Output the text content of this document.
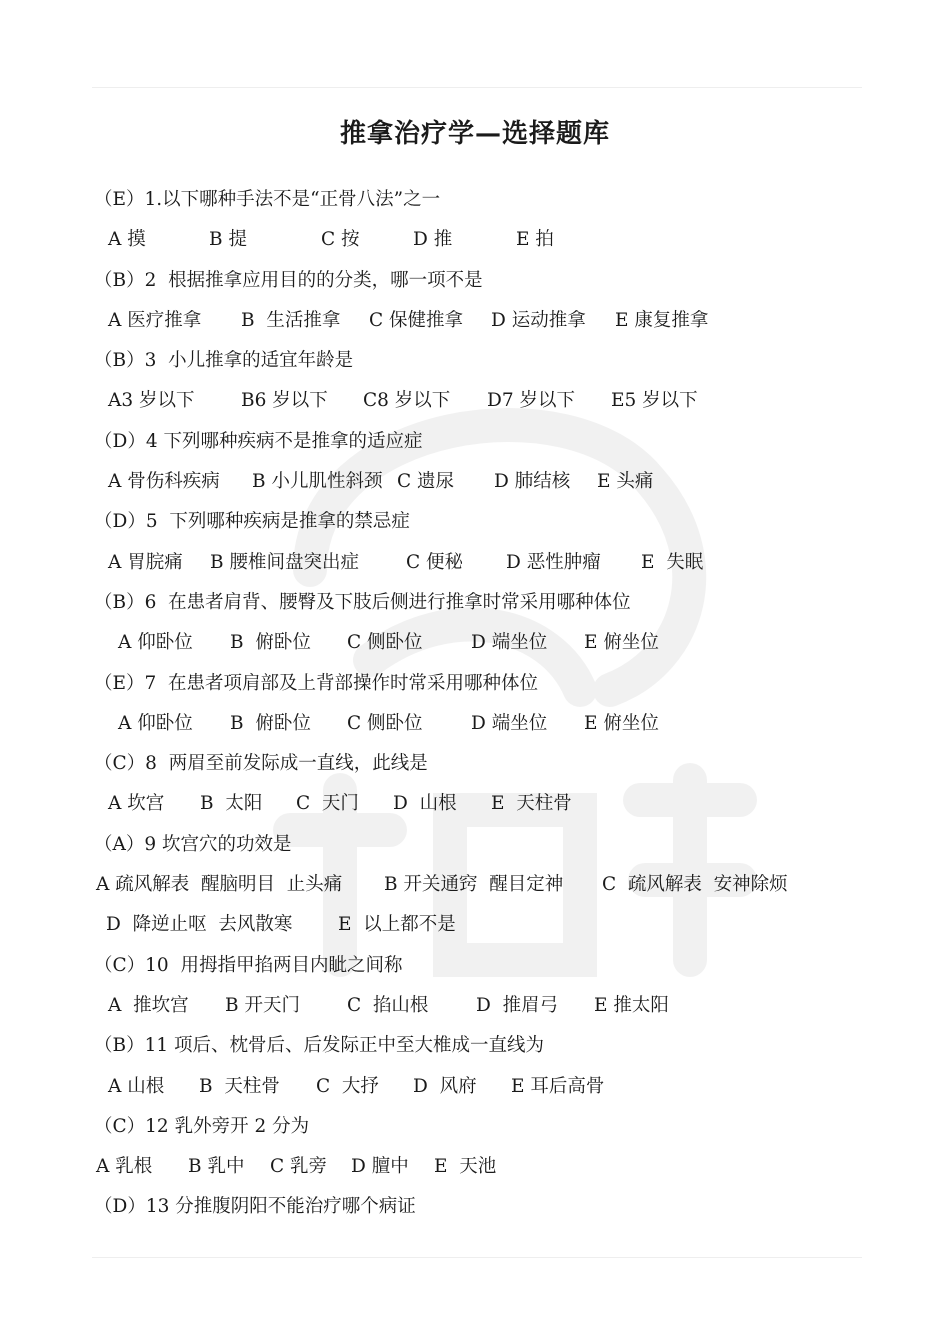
推拿治疗学—选择题库
（E） 1.以下哪种手法不是“正骨八法”之一
A 摸	B 提	C 按	D 推	E 拍
（B） 2  根据推拿应用目的的分类，哪一项不是
A 医疗推拿	B  生活推拿	C 保健推拿	D 运动推拿	E 康复推拿
（B） 3  小儿推拿的适宜年龄是
A3 岁以下	B6 岁以下	C8 岁以下	D7 岁以下	E5 岁以下
（D） 4 下列哪种疾病不是推拿的适应症
A 骨伤科疾病	B 小儿肌性斜颈 C 遗尿	D 肺结核	E 头痛
（D） 5  下列哪种疾病是推拿的禁忌症
A 胃脘痛	B 腰椎间盘突出症	C 便秘	D 恶性肿瘤	E  失眠
（B） 6  在患者肩背、腰臀及下肢后侧进行推拿时常采用哪种体位
A 仰卧位	B  俯卧位	C 侧卧位	D 端坐位	E 俯坐位
（E） 7  在患者项肩部及上背部操作时常采用哪种体位
A 仰卧位	B  俯卧位	C 侧卧位	D 端坐位	E 俯坐位
（C） 8  两眉至前发际成一直线，此线是
A 坎宫	B  太阳	C  天门	D  山根	E  天柱骨
（A） 9 坎宫穴的功效是
A 疏风解表  醒脑明目  止头痛	B 开关通窍  醒目定神	C  疏风解表  安神除烦
D  降逆止呕  去风散寒	E  以上都不是
（C） 10  用拇指甲掐两目内眦之间称
A  推坎宫	B 开天门	C  掐山根	D  推眉弓	E 推太阳
（B） 11 项后、枕骨后、后发际正中至大椎成一直线为
A 山根	B  天柱骨	C  大抒	D  风府	E 耳后高骨
（C） 12 乳外旁开 2 分为
A 乳根	B 乳中	C 乳旁	D 膻中	E  天池
（D） 13 分推腹阴阳不能治疗哪个病证
